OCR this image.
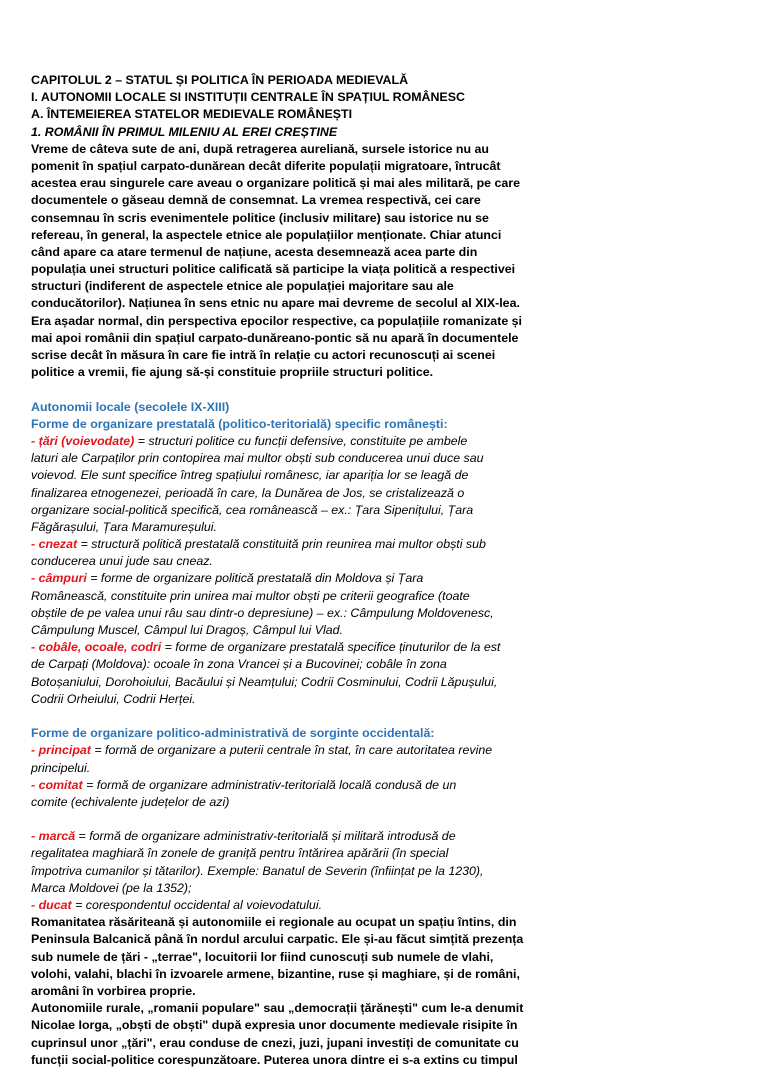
CAPITOLUL 2 – STATUL ȘI POLITICA ÎN PERIOADA MEDIEVALĂ
I. AUTONOMII LOCALE SI INSTITUȚII CENTRALE ÎN SPAȚIUL ROMÂNESC
A. ÎNTEMEIEREA STATELOR MEDIEVALE ROMÂNEȘTI
1. ROMÂNII ÎN PRIMUL MILENIU AL EREI CREȘTINE
Vreme de câteva sute de ani, după retragerea aureliană, sursele istorice nu au
pomenit în spațiul carpato-dunărean decât diferite populații migratoare, întrucât
acestea erau singurele care aveau o organizare politică și mai ales militară, pe care
documentele o găseau demnă de consemnat. La vremea respectivă, cei care
consemnau în scris evenimentele politice (inclusiv militare) sau istorice nu se
refereau, în general, la aspectele etnice ale populațiilor menționate. Chiar atunci
când apare ca atare termenul de națiune, acesta desemnează acea parte din
populația unei structuri politice calificată să participe la viața politică a respectivei
structuri (indiferent de aspectele etnice ale populației majoritare sau ale
conducătorilor). Națiunea în sens etnic nu apare mai devreme de secolul al XIX-lea.
Era așadar normal, din perspectiva epocilor respective, ca populațiile romanizate și
mai apoi românii din spațiul carpato-dunăreano-pontic să nu apară în documentele
scrise decât în măsura în care fie intră în relație cu actori recunoscuți ai scenei
politice a vremii, fie ajung să-și constituie propriile structuri politice.
Autonomii locale (secolele IX-XIII)
Forme de organizare prestatală (politico-teritorială) specific românești:
- țări (voievodate) = structuri politice cu funcții defensive, constituite pe ambele
laturi ale Carpaților prin contopirea mai multor obști sub conducerea unui duce sau
voievod. Ele sunt specifice întreg spațiului românesc, iar apariția lor se leagă de
finalizarea etnogenezei, perioadă în care, la Dunărea de Jos, se cristalizează o
organizare social-politică specifică, cea românească – ex.: Țara Sipenițului, Țara
Făgărașului, Țara Maramureșului.
- cnezat = structură politică prestatală constituită prin reunirea mai multor obști sub
conducerea unui jude sau cneaz.
- câmpuri = forme de organizare politică prestatală din Moldova și Țara
Românească, constituite prin unirea mai multor obști pe criterii geografice (toate
obștile de pe valea unui râu sau dintr-o depresiune) – ex.: Câmpulung Moldovenesc,
Câmpulung Muscel, Câmpul lui Dragoș, Câmpul lui Vlad.
- cobâle, ocoale, codri = forme de organizare prestatală specifice ținuturilor de la est
de Carpați (Moldova): ocoale în zona Vrancei și a Bucovinei; cobâle în zona
Botoșaniului, Dorohoiului, Bacăului și Neamțului; Codrii Cosminului, Codrii Lăpușului,
Codrii Orheiului, Codrii Herței.
Forme de organizare politico-administrativă de sorginte occidentală:
- principat = formă de organizare a puterii centrale în stat, în care autoritatea revine
principelui.
- comitat = formă de organizare administrativ-teritorială locală condusă de un
comite (echivalente județelor de azi)
- marcă = formă de organizare administrativ-teritorială și militară introdusă de
regalitatea maghiară în zonele de graniță pentru întărirea apărării (în special
împotriva cumanilor și tătarilor). Exemple: Banatul de Severin (înființat pe la 1230),
Marca Moldovei (pe la 1352);
- ducat = corespondentul occidental al voievodatului.
Romanitatea răsăriteană și autonomiile ei regionale au ocupat un spațiu întins, din
Peninsula Balcanică până în nordul arcului carpatic. Ele și-au făcut simțită prezența
sub numele de țări - „terrae", locuitorii lor fiind cunoscuți sub numele de vlahi,
volohi, valahi, blachi în izvoarele armene, bizantine, ruse și maghiare, și de români,
aromâni în vorbirea proprie.
Autonomiile rurale, „romanii populare" sau „democrații țărănești" cum le-a denumit
Nicolae Iorga, „obști de obști" după expresia unor documente medievale risipite în
cuprinsul unor „țări", erau conduse de cnezi, juzi, jupani investiți de comunitate cu
funcții social-politice corespunzătoare. Puterea unora dintre ei s-a extins cu timpul
